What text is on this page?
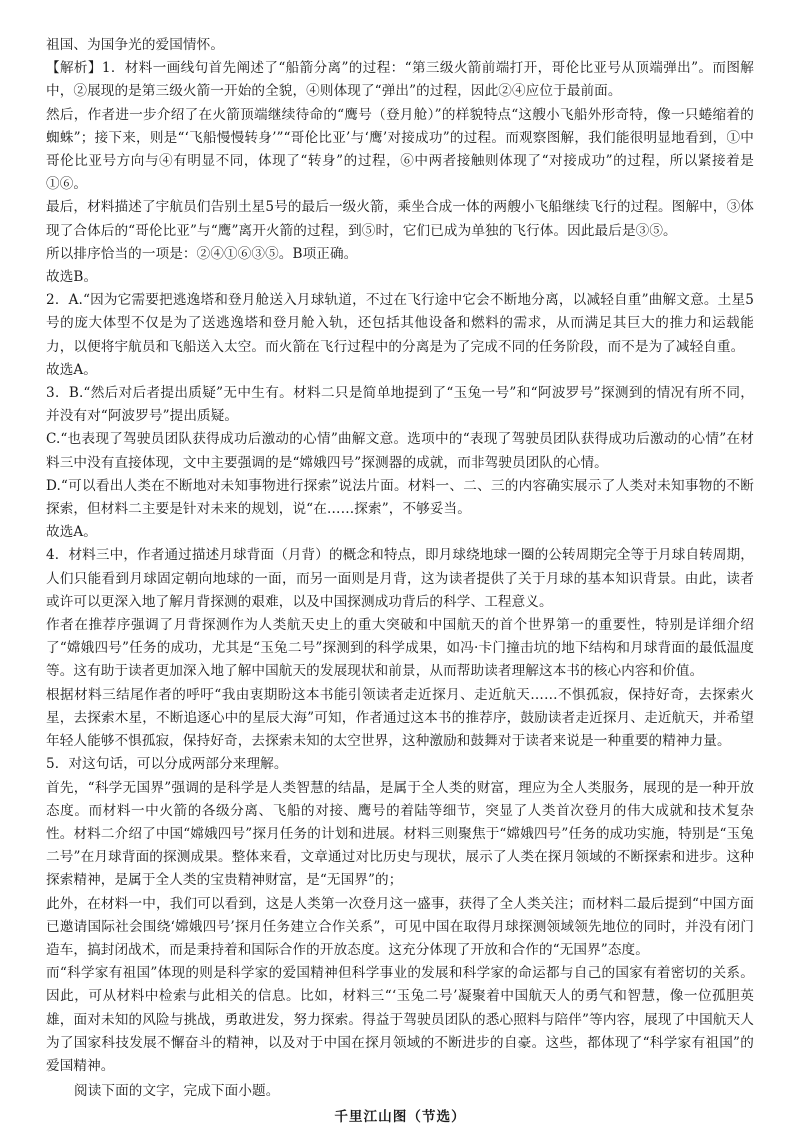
祖国、为国争光的爱国情怀。

【解析】1．材料一画线句首先阐述了“船箭分离”的过程：“第三级火箭前端打开，哥伦比亚号从顶端弹出”。而图解中，②展现的是第三级火箭一开始的全貌，④则体现了“弹出”的过程，因此②④应位于最前面。

然后，作者进一步介绍了在火箭顶端继续待命的“鹰号（登月舱）”的样貌特点“这艘小飞船外形奇特，像一只蜷缩着的蜘蛛”；接下来，则是“‘飞船慢慢转身’”“哥伦比亚’与‘鹰’对接成功”的过程。而观察图解，我们能很明显地看到，①中哥伦比亚号方向与④有明显不同，体现了“转身”的过程，⑥中两者接触则体现了“对接成功”的过程，所以紧接着是①⑥。

最后，材料描述了宇航员们告别土星5号的最后一级火箭，乘坐合成一体的两艘小飞船继续飞行的过程。图解中，③体现了合体后的“哥伦比亚”与“鹰”离开火箭的过程，到⑤时，它们已成为单独的飞行体。因此最后是③⑤。

所以排序恰当的一项是：②④①⑥③⑤。B项正确。

故选B。

2．A.“因为它需要把逃逸塔和登月舱送入月球轨道，不过在飞行途中它会不断地分离，以减轻自重”曲解文意。土星5号的庞大体型不仅是为了送逃逸塔和登月舱入轨，还包括其他设备和燃料的需求，从而满足其巨大的推力和运载能力，以便将宇航员和飞船送入太空。而火箭在飞行过程中的分离是为了完成不同的任务阶段，而不是为了减轻自重。

故选A。

3．B.“然后对后者提出质疑”无中生有。材料二只是简单地提到了“玉兔一号”和“阿波罗号”探测到的情况有所不同，并没有对“阿波罗号”提出质疑。

C.“也表现了驾驶员团队获得成功后激动的心情”曲解文意。选项中的“表现了驾驶员团队获得成功后激动的心情”在材料三中没有直接体现，文中主要强调的是“嫦娥四号”探测器的成就，而非驾驶员团队的心情。

D.“可以看出人类在不断地对未知事物进行探索”说法片面。材料一、二、三的内容确实展示了人类对未知事物的不断探索，但材料二主要是针对未来的规划，说“在……探索”，不够妥当。

故选A。

4．材料三中，作者通过描述月球背面（月背）的概念和特点，即月球绕地球一圈的公转周期完全等于月球自转周期，人们只能看到月球固定朝向地球的一面，而另一面则是月背，这为读者提供了关于月球的基本知识背景。由此，读者或许可以更深入地了解月背探测的艰难，以及中国探测成功背后的科学、工程意义。

作者在推荐序强调了月背探测作为人类航天史上的重大突破和中国航天的首个世界第一的重要性，特别是详细介绍了“嫦娥四号”任务的成功，尤其是“玉兔二号”探测到的科学成果，如冯·卡门撞击坑的地下结构和月球背面的最低温度等。这有助于读者更加深入地了解中国航天的发展现状和前景，从而帮助读者理解这本书的核心内容和价值。

根据材料三结尾作者的呼吁“我由衷期盼这本书能引领读者走近探月、走近航天……不惧孤寂，保持好奇，去探索火星，去探索木星，不断追逐心中的星辰大海”可知，作者通过这本书的推荐序，鼓励读者走近探月、走近航天，并希望年轻人能够不惧孤寂，保持好奇，去探索未知的太空世界，这种激励和鼓舞对于读者来说是一种重要的精神力量。

5．对这句话，可以分成两部分来理解。

首先，“科学无国界”强调的是科学是人类智慧的结晶，是属于全人类的财富，理应为全人类服务，展现的是一种开放态度。而材料一中火箭的各级分离、飞船的对接、鹰号的着陆等细节，突显了人类首次登月的伟大成就和技术复杂性。材料二介绍了中国“嫦娥四号”探月任务的计划和进展。材料三则聚焦于“嫦娥四号”任务的成功实施，特别是“玉兔二号”在月球背面的探测成果。整体来看，文章通过对比历史与现状，展示了人类在探月领域的不断探索和进步。这种探索精神，是属于全人类的宝贵精神财富，是“无国界”的；

此外，在材料一中，我们可以看到，这是人类第一次登月这一盛事，获得了全人类关注；而材料二最后提到“中国方面已邀请国际社会围绕‘嫦娥四号’探月任务建立合作关系”，可见中国在取得月球探测领域领先地位的同时，并没有闭门造车，搞封闭战术，而是秉持着和国际合作的开放态度。这充分体现了开放和合作的“无国界”态度。

而“科学家有祖国”体现的则是科学家的爱国精神但科学事业的发展和科学家的命运都与自己的国家有着密切的关系。因此，可从材料中检索与此相关的信息。比如，材料三“‘玉兔二号’凝聚着中国航天人的勇气和智慧，像一位孤胆英雄，面对未知的风险与挑战，勇敢进发，努力探索。得益于驾驶员团队的悉心照料与陪伴”等内容，展现了中国航天人为了国家科技发展不懈奋斗的精神，以及对于中国在探月领域的不断进步的自豪。这些，都体现了“科学家有祖国”的爱国精神。

阅读下面的文字，完成下面小题。

千里江山图（节选）
